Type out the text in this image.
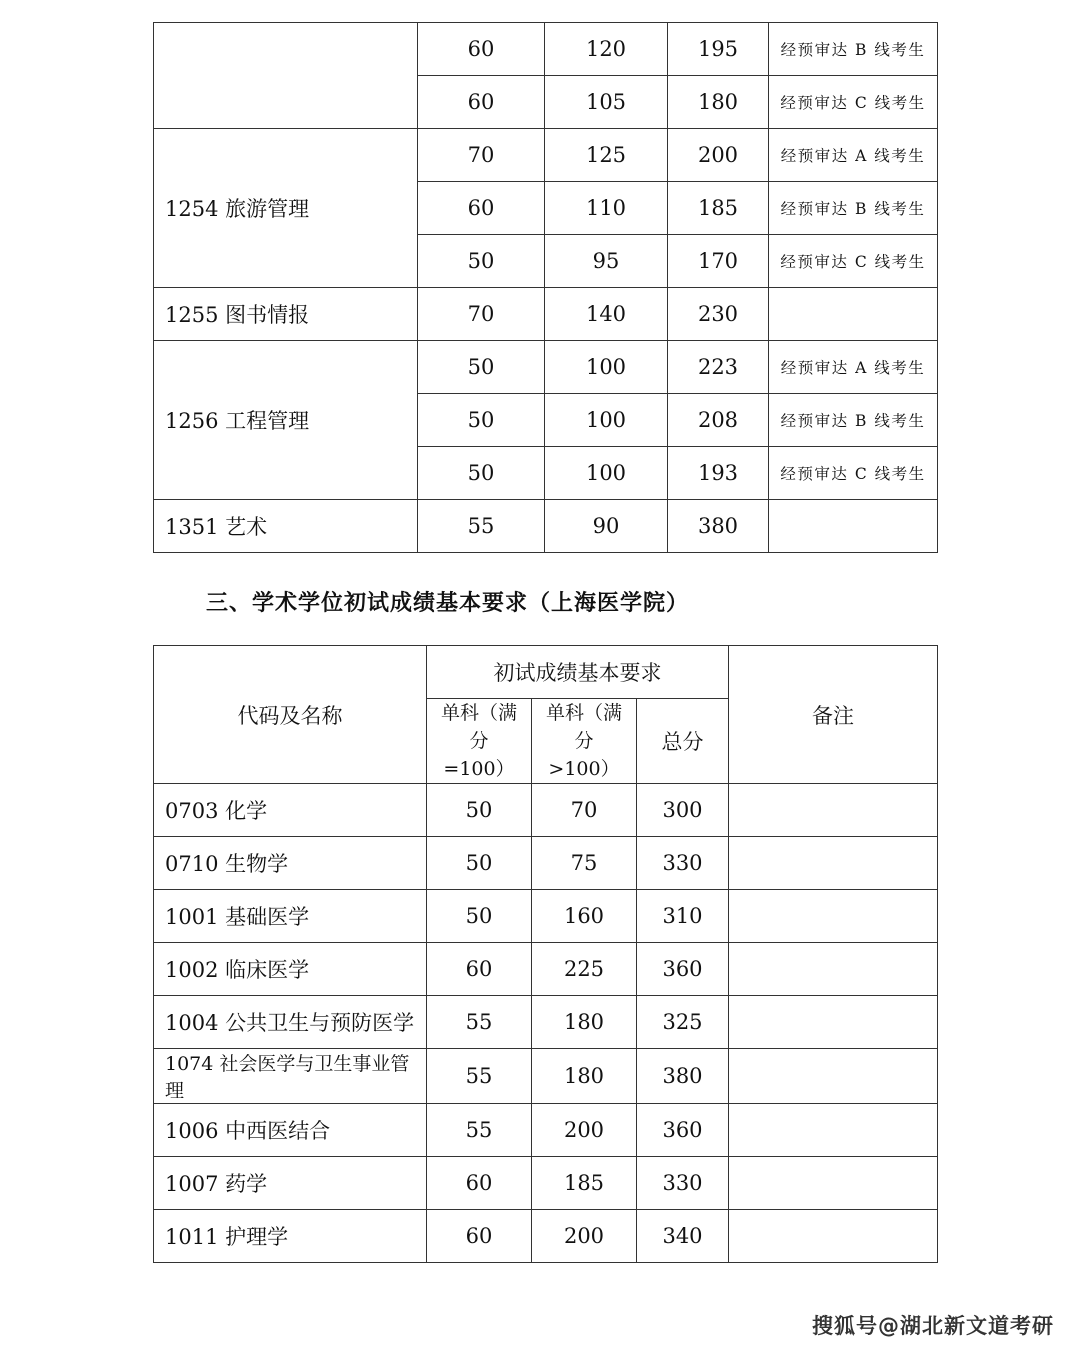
	60	120	195	经预审达 B 线考生
	60	105	180	经预审达 C 线考生
1254 旅游管理	70	125	200	经预审达 A 线考生
	60	110	185	经预审达 B 线考生
	50	95	170	经预审达 C 线考生
1255 图书情报	70	140	230	
1256 工程管理	50	100	223	经预审达 A 线考生
	50	100	208	经预审达 B 线考生
	50	100	193	经预审达 C 线考生
1351 艺术	55	90	380	

三、学术学位初试成绩基本要求（上海医学院）

代码及名称	初试成绩基本要求			备注
	单科（满分=100）	单科（满分>100）	总分	
0703 化学	50	70	300	
0710 生物学	50	75	330	
1001 基础医学	50	160	310	
1002 临床医学	60	225	360	
1004 公共卫生与预防医学	55	180	325	
1074 社会医学与卫生事业管理	55	180	380	
1006 中西医结合	55	200	360	
1007 药学	60	185	330	
1011 护理学	60	200	340	
搜狐号@湖北新文道考研
